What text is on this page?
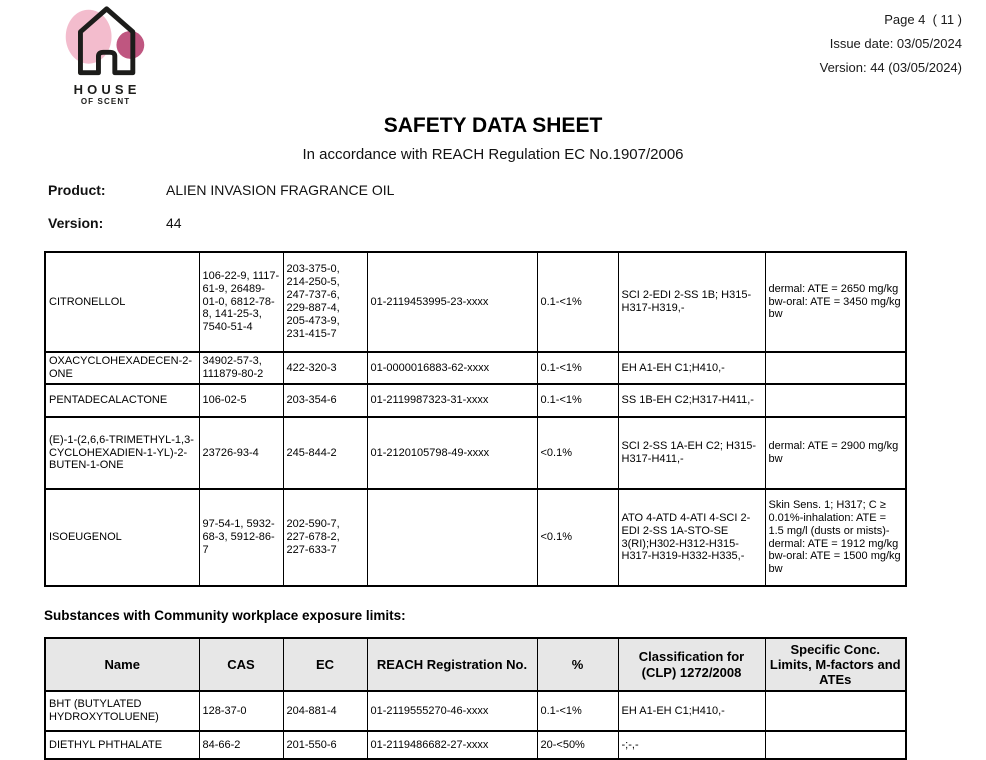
HOUSE
OF SCENT
Page 4  ( 11 )
Issue date: 03/05/2024
Version: 44 (03/05/2024)
SAFETY DATA SHEET
In accordance with REACH Regulation EC No.1907/2006
Product:	ALIEN INVASION FRAGRANCE OIL
Version:	44
CITRONELLOL	106-22-9, 1117-61-9, 26489-01-0, 6812-78-8, 141-25-3, 7540-51-4	203-375-0, 214-250-5, 247-737-6, 229-887-4, 205-473-9, 231-415-7	01-2119453995-23-xxxx	0.1-<1%	SCI 2-EDI 2-SS 1B; H315-H317-H319,-	dermal: ATE = 2650 mg/kg bw-oral: ATE = 3450 mg/kg bw
OXACYCLOHEXADECEN-2-ONE	34902-57-3, 111879-80-2	422-320-3	01-0000016883-62-xxxx	0.1-<1%	EH A1-EH C1;H410,-	
PENTADECALACTONE	106-02-5	203-354-6	01-2119987323-31-xxxx	0.1-<1%	SS 1B-EH C2;H317-H411,-	
(E)-1-(2,6,6-TRIMETHYL-1,3-CYCLOHEXADIEN-1-YL)-2-BUTEN-1-ONE	23726-93-4	245-844-2	01-2120105798-49-xxxx	<0.1%	SCI 2-SS 1A-EH C2; H315-H317-H411,-	dermal: ATE = 2900 mg/kg bw
ISOEUGENOL	97-54-1, 5932-68-3, 5912-86-7	202-590-7, 227-678-2, 227-633-7		<0.1%	ATO 4-ATD 4-ATI 4-SCI 2-EDI 2-SS 1A-STO-SE 3(RI);H302-H312-H315-H317-H319-H332-H335,-	Skin Sens. 1; H317; C ≥ 0.01%-inhalation: ATE = 1.5 mg/l (dusts or mists)-dermal: ATE = 1912 mg/kg bw-oral: ATE = 1500 mg/kg bw
Substances with Community workplace exposure limits:
Name	CAS	EC	REACH Registration No.	%	Classification for (CLP) 1272/2008	Specific Conc. Limits, M-factors and ATEs
BHT (BUTYLATED HYDROXYTOLUENE)	128-37-0	204-881-4	01-2119555270-46-xxxx	0.1-<1%	EH A1-EH C1;H410,-	
DIETHYL PHTHALATE	84-66-2	201-550-6	01-2119486682-27-xxxx	20-<50%	-;-,-	
